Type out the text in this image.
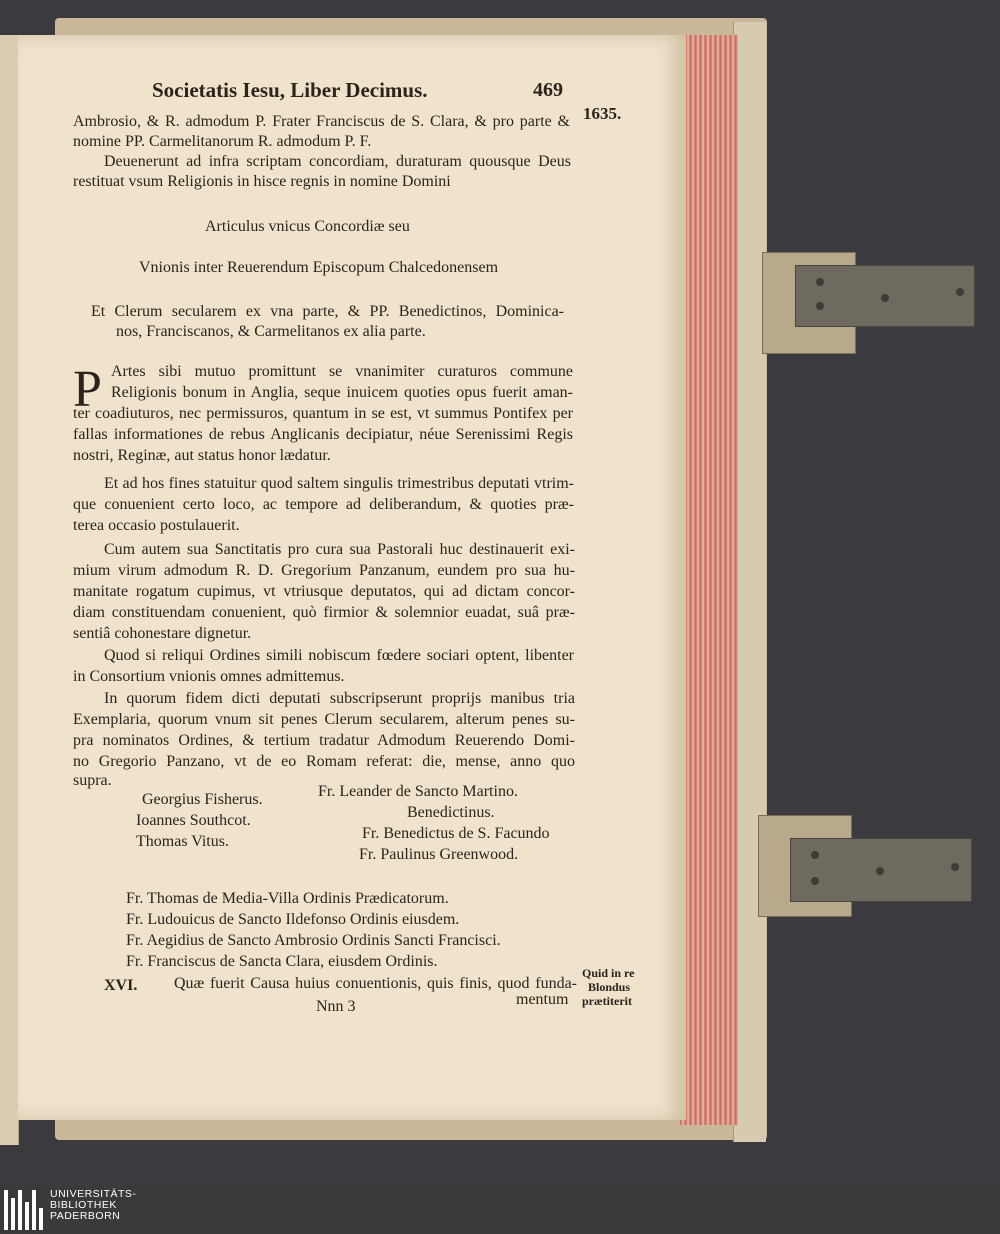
Societatis Iesu, Liber Decimus.	469
1635.
Ambrosio, & R. admodum P. Frater Franciscus de S. Clara, & pro parte &
nomine PP. Carmelitanorum R. admodum P. F.
Deuenerunt ad infra scriptam concordiam, duraturam quousque Deus
restituat vsum Religionis in hisce regnis in nomine Domini
Articulus vnicus Concordiæ seu
Vnionis inter Reuerendum Episcopum Chalcedonensem
Et Clerum secularem ex vna parte, & PP. Benedictinos, Dominica-
nos, Franciscanos, & Carmelitanos ex alia parte.
P Artes sibi mutuo promittunt se vnanimiter curaturos commune
Religionis bonum in Anglia, seque inuicem quoties opus fuerit aman-
ter coadiuturos, nec permissuros, quantum in se est, vt summus Pontifex per
fallas informationes de rebus Anglicanis decipiatur, néue Serenissimi Regis
nostri, Reginæ, aut status honor lædatur.
Et ad hos fines statuitur quod saltem singulis trimestribus deputati vtrim-
que conuenient certo loco, ac tempore ad deliberandum, & quoties præ-
terea occasio postulauerit.
Cum autem sua Sanctitatis pro cura sua Pastorali huc destinauerit exi-
mium virum admodum R. D. Gregorium Panzanum, eundem pro sua hu-
manitate rogatum cupimus, vt vtriusque deputatos, qui ad dictam concor-
diam constituendam conuenient, quò firmior & solemnior euadat, suâ præ-
sentiâ cohonestare dignetur.
Quod si reliqui Ordines simili nobiscum fœdere sociari optent, libenter
in Consortium vnionis omnes admittemus.
In quorum fidem dicti deputati subscripserunt proprijs manibus tria
Exemplaria, quorum vnum sit penes Clerum secularem, alterum penes su-
pra nominatos Ordines, & tertium tradatur Admodum Reuerendo Domi-
no Gregorio Panzano, vt de eo Romam referat: die, mense, anno quo
supra.
Georgius Fisherus.
Ioannes Southcot.
Thomas Vitus.
Fr. Leander de Sancto Martino.
Benedictinus.
Fr. Benedictus de S. Facundo
Fr. Paulinus Greenwood.
Fr. Thomas de Media-Villa Ordinis Prædicatorum.
Fr. Ludouicus de Sancto Ildefonso Ordinis eiusdem.
Fr. Aegidius de Sancto Ambrosio Ordinis Sancti Francisci.
Fr. Franciscus de Sancta Clara, eiusdem Ordinis.
XVI. Quæ fuerit Causa huius conuentionis, quis finis, quod funda-
Nnn 3	mentum
Quid in re
Blondus
prætiterit
UNIVERSITÄTS-
BIBLIOTHEK
PADERBORN
